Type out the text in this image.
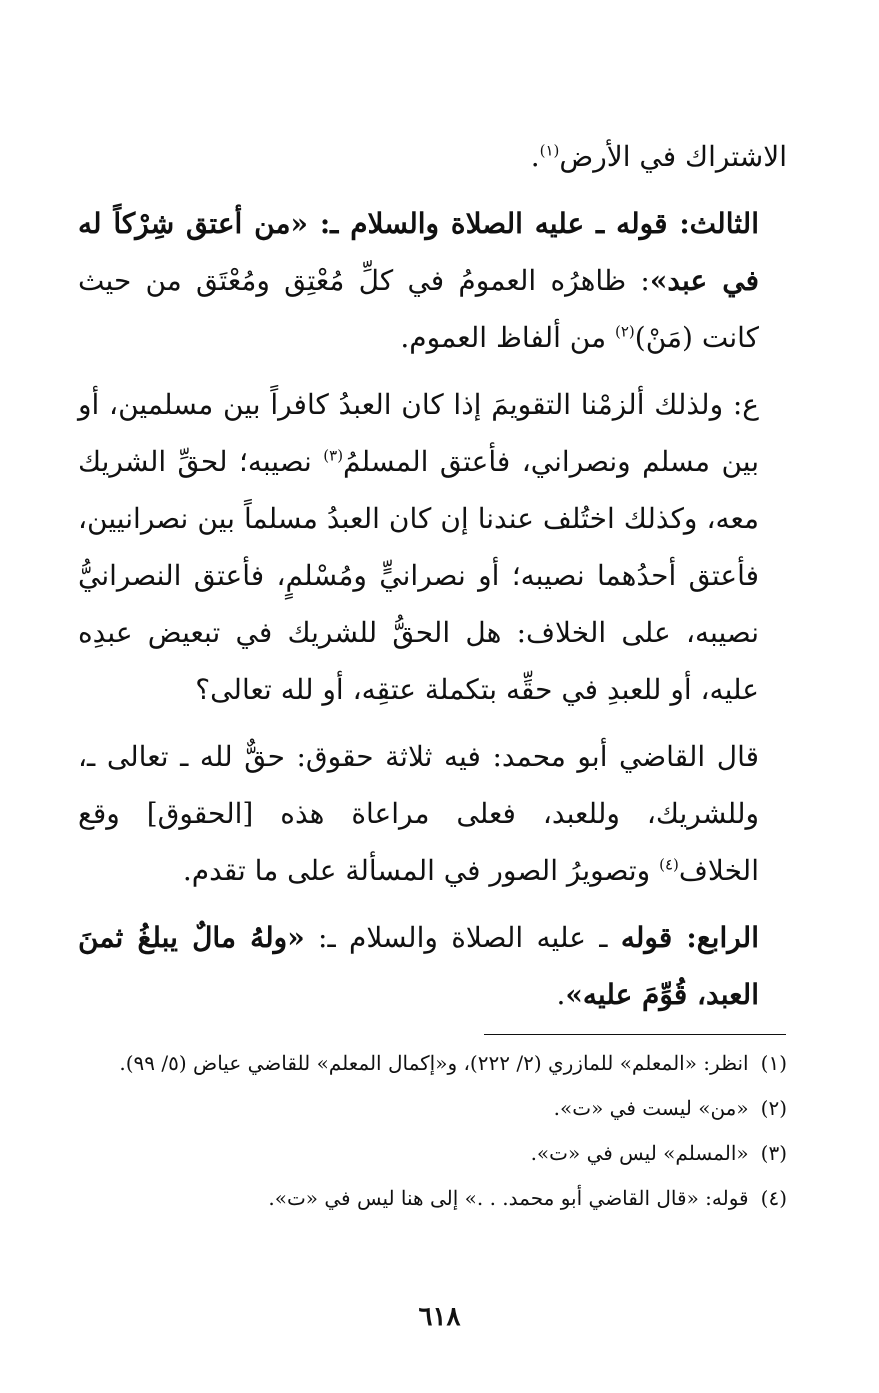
الاشتراك في الأرض$^{(١)}$.

الثالث: قوله ـ عليه الصلاة والسلام ـ: «من أعتق شِرْكاً له في عبد»: ظاهرُه العمومُ في كلِّ مُعْتِق ومُعْتَق من حيث كانت (مَنْ)$^{(٢)}$ من ألفاظ العموم.

ع: ولذلك ألزمْنا التقويمَ إذا كان العبدُ كافراً بين مسلمين، أو بين مسلم ونصراني، فأعتق المسلمُ$^{(٣)}$ نصيبه؛ لحقِّ الشريك معه، وكذلك اختُلف عندنا إن كان العبدُ مسلماً بين نصرانيين، فأعتق أحدُهما نصيبه؛ أو نصرانيٍّ ومُسْلمٍ، فأعتق النصرانيُّ نصيبه، على الخلاف: هل الحقُّ للشريك في تبعيض عبدِه عليه، أو للعبدِ في حقِّه بتكملة عتقِه، أو لله تعالى؟

قال القاضي أبو محمد: فيه ثلاثة حقوق: حقٌّ لله ـ تعالى ـ، وللشريك، وللعبد، فعلى مراعاة هذه [الحقوق] وقع الخلاف$^{(٤)}$ وتصويرُ الصور في المسألة على ما تقدم.

الرابع: قوله ـ عليه الصلاة والسلام ـ: «ولهُ مالٌ يبلغُ ثمنَ العبد، قُوِّمَ عليه».

(١)انظر: «المعلم» للمازري (٢/ ٢٢٢)، و«إكمال المعلم» للقاضي عياض (٥/ ٩٩).

(٢)«من» ليست في «ت».

(٣)«المسلم» ليس في «ت».

(٤)قوله: «قال القاضي أبو محمد. . .» إلى هنا ليس في «ت».

٦١٨
